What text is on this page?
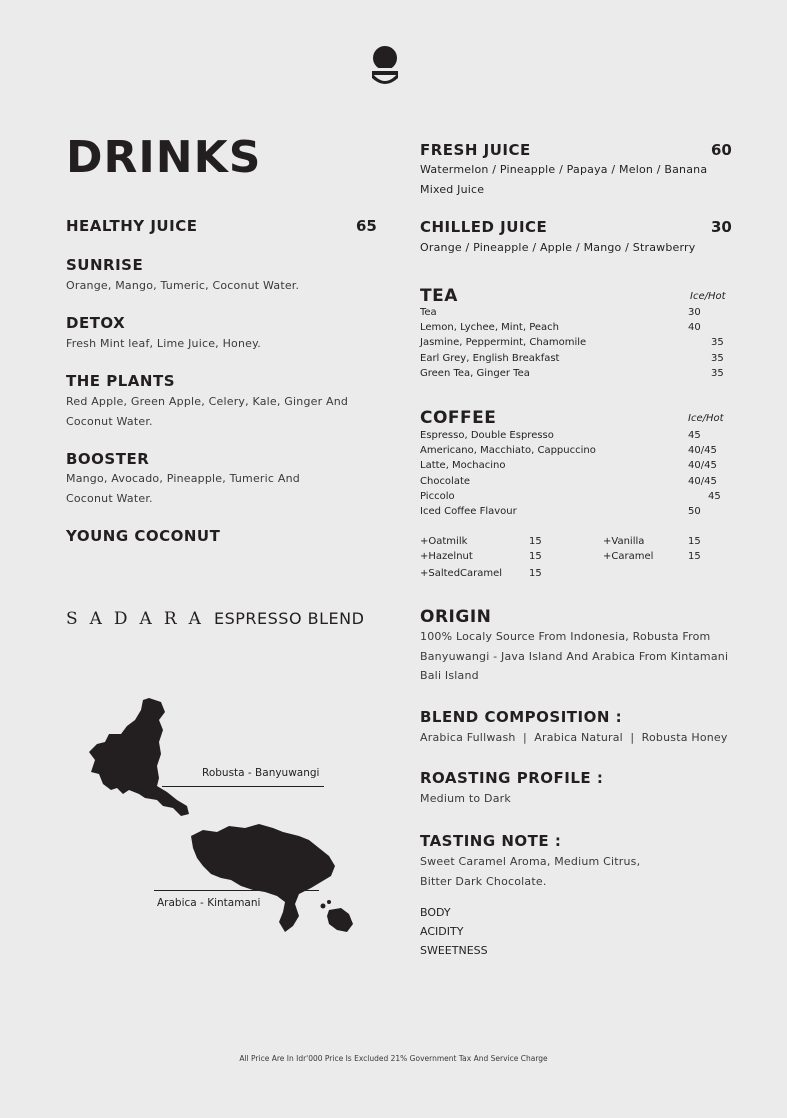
DRINKS
HEALTHY JUICE	65
SUNRISE
Orange, Mango, Tumeric, Coconut Water.
DETOX
Fresh Mint leaf, Lime Juice, Honey.
THE PLANTS
Red Apple, Green Apple, Celery, Kale, Ginger And Coconut Water.
BOOSTER
Mango, Avocado, Pineapple, Tumeric And Coconut Water.
YOUNG COCONUT
FRESH JUICE	60
Watermelon / Pineapple / Papaya / Melon / Banana Mixed Juice
CHILLED JUICE	30
Orange / Pineapple / Apple / Mango / Strawberry
TEA	Ice/Hot
Tea	30
Lemon, Lychee, Mint, Peach	40
Jasmine, Peppermint, Chamomile	35
Earl Grey, English Breakfast	35
Green Tea, Ginger Tea	35
COFFEE	Ice/Hot
Espresso, Double Espresso	45
Americano, Macchiato, Cappuccino	40/45
Latte, Mochacino	40/45
Chocolate	40/45
Piccolo	45
Iced Coffee Flavour	50
+Oatmilk	15	+Vanilla	15
+Hazelnut	15	+Caramel	15
+SaltedCaramel	15
SADARA ESPRESSO BLEND
Robusta - Banyuwangi
Arabica - Kintamani
ORIGIN
100% Localy Source From Indonesia, Robusta From Banyuwangi - Java Island And Arabica From Kintamani Bali Island
BLEND COMPOSITION :
Arabica Fullwash  |  Arabica Natural  |  Robusta Honey
ROASTING PROFILE :
Medium to Dark
TASTING NOTE :
Sweet Caramel Aroma, Medium Citrus, Bitter Dark Chocolate.
BODY
ACIDITY
SWEETNESS
All Price Are In Idr'000 Price Is Excluded 21% Government Tax And Service Charge
